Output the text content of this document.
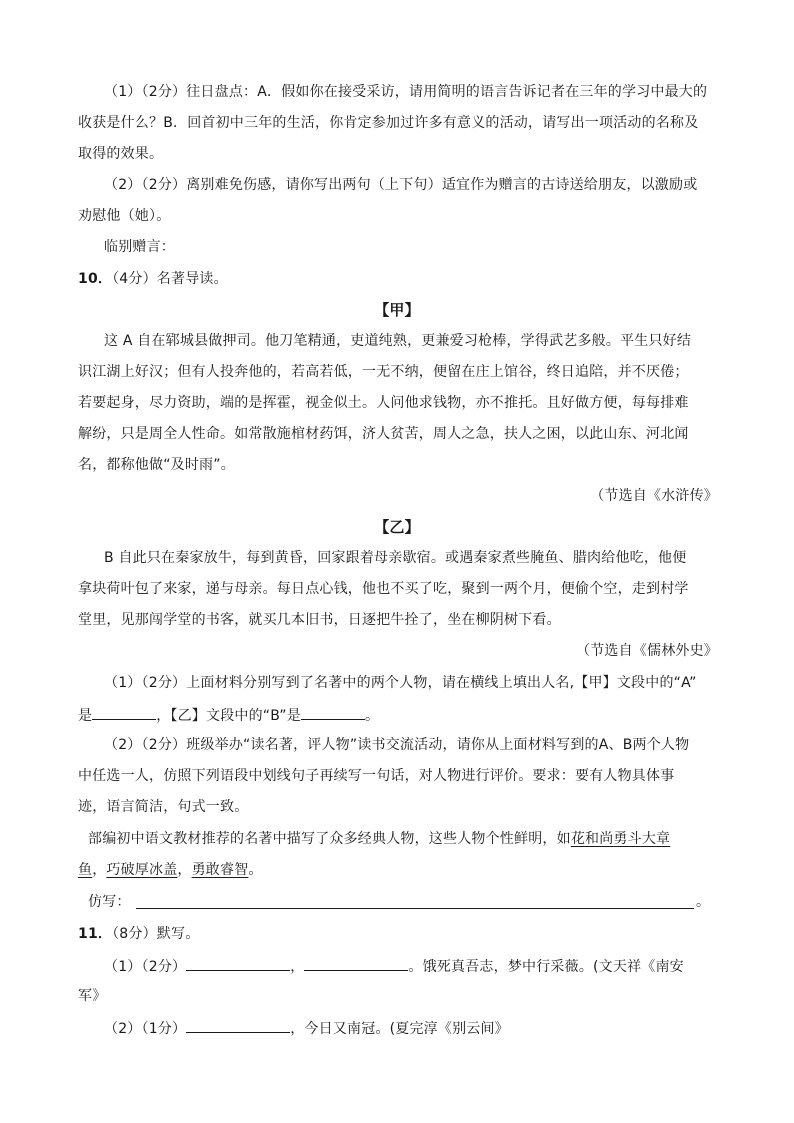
（1）（2分）往日盘点：A．假如你在接受采访，请用简明的语言告诉记者在三年的学习中最大的
收获是什么？B．回首初中三年的生活，你肯定参加过许多有意义的活动，请写出一项活动的名称及
取得的效果。
（2）（2分）离别难免伤感，请你写出两句（上下句）适宜作为赠言的古诗送给朋友，以激励或
劝慰他（她）。
临别赠言：
10．（4分）名著导读。
【甲】
这 A 自在郓城县做押司。他刀笔精通，吏道纯熟，更兼爱习枪棒，学得武艺多般。平生只好结
识江湖上好汉；但有人投奔他的，若高若低，一无不纳，便留在庄上馆谷，终日追陪，并不厌倦；
若要起身，尽力资助，端的是挥霍，视金似土。人问他求钱物，亦不推托。且好做方便，每每排难
解纷，只是周全人性命。如常散施棺材药饵，济人贫苦，周人之急，扶人之困，以此山东、河北闻
名，都称他做“及时雨”。
（节选自《水浒传》
【乙】
B 自此只在秦家放牛，每到黄昏，回家跟着母亲歇宿。或遇秦家煮些腌鱼、腊肉给他吃，他便
拿块荷叶包了来家，递与母亲。每日点心钱，他也不买了吃，聚到一两个月，便偷个空，走到村学
堂里，见那闯学堂的书客，就买几本旧书，日逐把牛拴了，坐在柳阴树下看。
（节选自《儒林外史》
（1）（2分）上面材料分别写到了名著中的两个人物，请在横线上填出人名,【甲】文段中的“A”
是	，【乙】文段中的“B”是	。
（2）（2分）班级举办“读名著，评人物”读书交流活动，请你从上面材料写到的A、B两个人物
中任选一人，仿照下列语段中划线句子再续写一句话，对人物进行评价。要求：要有人物具体事
迹，语言简洁，句式一致。
部编初中语文教材推荐的名著中描写了众多经典人物，这些人物个性鲜明，如花和尚勇斗大章
鱼，巧破厚冰盖，勇敢睿智。
仿写：	。
11．（8分）默写。
（1）（2分）	，	。饿死真吾志，梦中行采薇。(文天祥《南安
军》
（2）（1分）	，今日又南冠。(夏完淳《别云间》
